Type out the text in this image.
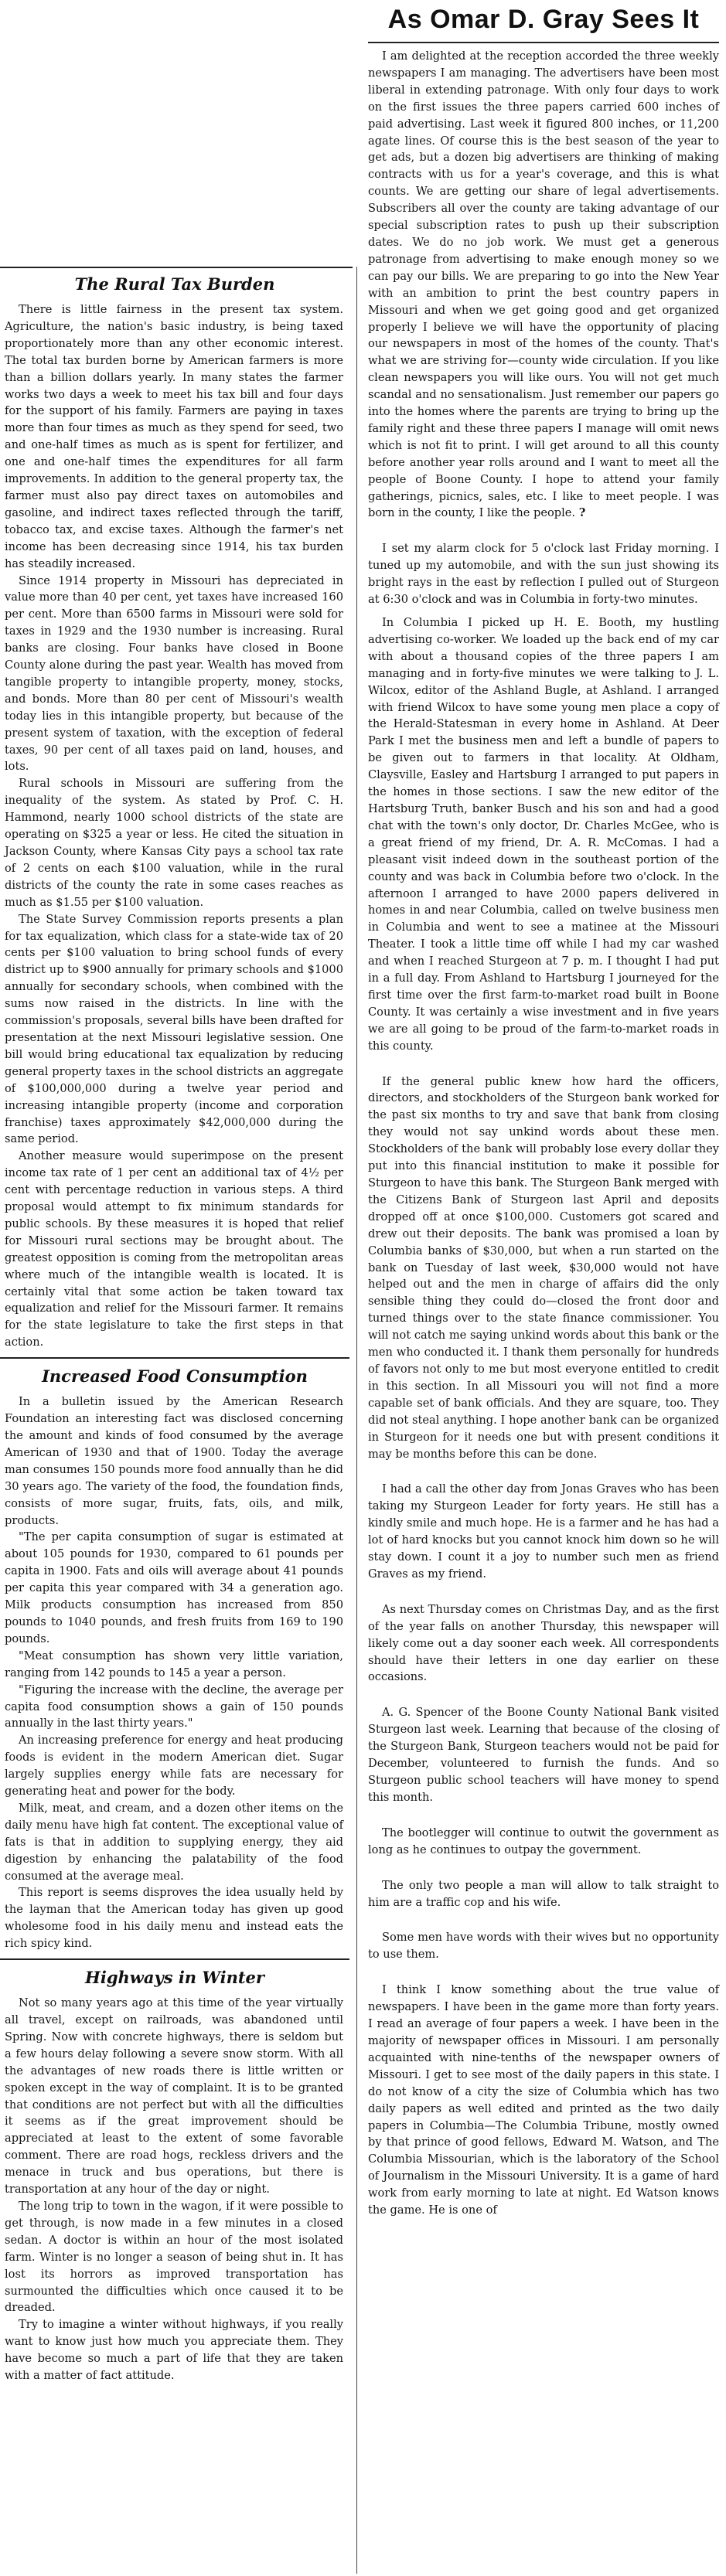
The Rural Tax Burden

There is little fairness in the present tax system. Agriculture, the nation's basic industry, is being taxed proportionately more than any other economic interest. The total tax burden borne by American farmers is more than a billion dollars yearly. In many states the farmer works two days a week to meet his tax bill and four days for the support of his family. Farmers are paying in taxes more than four times as much as they spend for seed, two and one-half times as much as is spent for fertilizer, and one and one-half times the expenditures for all farm improvements. In addition to the general property tax, the farmer must also pay direct taxes on automobiles and gasoline, and indirect taxes reflected through the tariff, tobacco tax, and excise taxes. Although the farmer's net income has been decreasing since 1914, his tax burden has steadily increased.

Since 1914 property in Missouri has depreciated in value more than 40 per cent, yet taxes have increased 160 per cent. More than 6500 farms in Missouri were sold for taxes in 1929 and the 1930 number is increasing. Rural banks are closing. Four banks have closed in Boone County alone during the past year. Wealth has moved from tangible property to intangible property, money, stocks, and bonds. More than 80 per cent of Missouri's wealth today lies in this intangible property, but because of the present system of taxation, with the exception of federal taxes, 90 per cent of all taxes paid on land, houses, and lots.

Rural schools in Missouri are suffering from the inequality of the system. As stated by Prof. C. H. Hammond, nearly 1000 school districts of the state are operating on $325 a year or less. He cited the situation in Jackson County, where Kansas City pays a school tax rate of 2 cents on each $100 valuation, while in the rural districts of the county the rate in some cases reaches as much as $1.55 per $100 valuation.

The State Survey Commission reports presents a plan for tax equalization, which class for a state-wide tax of 20 cents per $100 valuation to bring school funds of every district up to $900 annually for primary schools and $1000 annually for secondary schools, when combined with the sums now raised in the districts. In line with the commission's proposals, several bills have been drafted for presentation at the next Missouri legislative session. One bill would bring educational tax equalization by reducing general property taxes in the school districts an aggregate of $100,000,000 during a twelve year period and increasing intangible property (income and corporation franchise) taxes approximately $42,000,000 during the same period.

Another measure would superimpose on the present income tax rate of 1 per cent an additional tax of 4½ per cent with percentage reduction in various steps. A third proposal would attempt to fix minimum standards for public schools. By these measures it is hoped that relief for Missouri rural sections may be brought about. The greatest opposition is coming from the metropolitan areas where much of the intangible wealth is located. It is certainly vital that some action be taken toward tax equalization and relief for the Missouri farmer. It remains for the state legislature to take the first steps in that action.

Increased Food Consumption

In a bulletin issued by the American Research Foundation an interesting fact was disclosed concerning the amount and kinds of food consumed by the average American of 1930 and that of 1900. Today the average man consumes 150 pounds more food annually than he did 30 years ago. The variety of the food, the foundation finds, consists of more sugar, fruits, fats, oils, and milk, products.

"The per capita consumption of sugar is estimated at about 105 pounds for 1930, compared to 61 pounds per capita in 1900. Fats and oils will average about 41 pounds per capita this year compared with 34 a generation ago. Milk products consumption has increased from 850 pounds to 1040 pounds, and fresh fruits from 169 to 190 pounds.

"Meat consumption has shown very little variation, ranging from 142 pounds to 145 a year a person.

"Figuring the increase with the decline, the average per capita food consumption shows a gain of 150 pounds annually in the last thirty years."

An increasing preference for energy and heat producing foods is evident in the modern American diet. Sugar largely supplies energy while fats are necessary for generating heat and power for the body.

Milk, meat, and cream, and a dozen other items on the daily menu have high fat content. The exceptional value of fats is that in addition to supplying energy, they aid digestion by enhancing the palatability of the food consumed at the average meal.

This report is seems disproves the idea usually held by the layman that the American today has given up good wholesome food in his daily menu and instead eats the rich spicy kind.

Highways in Winter

Not so many years ago at this time of the year virtually all travel, except on railroads, was abandoned until Spring. Now with concrete highways, there is seldom but a few hours delay following a severe snow storm. With all the advantages of new roads there is little written or spoken except in the way of complaint. It is to be granted that conditions are not perfect but with all the difficulties it seems as if the great improvement should be appreciated at least to the extent of some favorable comment. There are road hogs, reckless drivers and the menace in truck and bus operations, but there is transportation at any hour of the day or night.

The long trip to town in the wagon, if it were possible to get through, is now made in a few minutes in a closed sedan. A doctor is within an hour of the most isolated farm. Winter is no longer a season of being shut in. It has lost its horrors as improved transportation has surmounted the difficulties which once caused it to be dreaded.

Try to imagine a winter without highways, if you really want to know just how much you appreciate them. They have become so much a part of life that they are taken with a matter of fact attitude.

As Omar D. Gray Sees It

I am delighted at the reception accorded the three weekly newspapers I am managing. The advertisers have been most liberal in extending patronage. With only four days to work on the first issues the three papers carried 600 inches of paid advertising. Last week it figured 800 inches, or 11,200 agate lines. Of course this is the best season of the year to get ads, but a dozen big advertisers are thinking of making contracts with us for a year's coverage, and this is what counts. We are getting our share of legal advertisements. Subscribers all over the county are taking advantage of our special subscription rates to push up their subscription dates. We do no job work. We must get a generous patronage from advertising to make enough money so we can pay our bills. We are preparing to go into the New Year with an ambition to print the best country papers in Missouri and when we get going good and get organized properly I believe we will have the opportunity of placing our newspapers in most of the homes of the county. That's what we are striving for—county wide circulation. If you like clean newspapers you will like ours. You will not get much scandal and no sensationalism. Just remember our papers go into the homes where the parents are trying to bring up the family right and these three papers I manage will omit news which is not fit to print. I will get around to all this county before another year rolls around and I want to meet all the people of Boone County. I hope to attend your family gatherings, picnics, sales, etc. I like to meet people. I was born in the county, I like the people. ?

I set my alarm clock for 5 o'clock last Friday morning. I tuned up my automobile, and with the sun just showing its bright rays in the east by reflection I pulled out of Sturgeon at 6:30 o'clock and was in Columbia in forty-two minutes.

In Columbia I picked up H. E. Booth, my hustling advertising co-worker. We loaded up the back end of my car with about a thousand copies of the three papers I am managing and in forty-five minutes we were talking to J. L. Wilcox, editor of the Ashland Bugle, at Ashland. I arranged with friend Wilcox to have some young men place a copy of the Herald-Statesman in every home in Ashland. At Deer Park I met the business men and left a bundle of papers to be given out to farmers in that locality. At Oldham, Claysville, Easley and Hartsburg I arranged to put papers in the homes in those sections. I saw the new editor of the Hartsburg Truth, banker Busch and his son and had a good chat with the town's only doctor, Dr. Charles McGee, who is a great friend of my friend, Dr. A. R. McComas. I had a pleasant visit indeed down in the southeast portion of the county and was back in Columbia before two o'clock. In the afternoon I arranged to have 2000 papers delivered in homes in and near Columbia, called on twelve business men in Columbia and went to see a matinee at the Missouri Theater. I took a little time off while I had my car washed and when I reached Sturgeon at 7 p. m. I thought I had put in a full day. From Ashland to Hartsburg I journeyed for the first time over the first farm-to-market road built in Boone County. It was certainly a wise investment and in five years we are all going to be proud of the farm-to-market roads in this county.

If the general public knew how hard the officers, directors, and stockholders of the Sturgeon bank worked for the past six months to try and save that bank from closing they would not say unkind words about these men. Stockholders of the bank will probably lose every dollar they put into this financial institution to make it possible for Sturgeon to have this bank. The Sturgeon Bank merged with the Citizens Bank of Sturgeon last April and deposits dropped off at once $100,000. Customers got scared and drew out their deposits. The bank was promised a loan by Columbia banks of $30,000, but when a run started on the bank on Tuesday of last week, $30,000 would not have helped out and the men in charge of affairs did the only sensible thing they could do—closed the front door and turned things over to the state finance commissioner. You will not catch me saying unkind words about this bank or the men who conducted it. I thank them personally for hundreds of favors not only to me but most everyone entitled to credit in this section. In all Missouri you will not find a more capable set of bank officials. And they are square, too. They did not steal anything. I hope another bank can be organized in Sturgeon for it needs one but with present conditions it may be months before this can be done.

I had a call the other day from Jonas Graves who has been taking my Sturgeon Leader for forty years. He still has a kindly smile and much hope. He is a farmer and he has had a lot of hard knocks but you cannot knock him down so he will stay down. I count it a joy to number such men as friend Graves as my friend.

As next Thursday comes on Christmas Day, and as the first of the year falls on another Thursday, this newspaper will likely come out a day sooner each week. All correspondents should have their letters in one day earlier on these occasions.

A. G. Spencer of the Boone County National Bank visited Sturgeon last week. Learning that because of the closing of the Sturgeon Bank, Sturgeon teachers would not be paid for December, volunteered to furnish the funds. And so Sturgeon public school teachers will have money to spend this month.

The bootlegger will continue to outwit the government as long as he continues to outpay the government.

The only two people a man will allow to talk straight to him are a traffic cop and his wife.

Some men have words with their wives but no opportunity to use them.

I think I know something about the true value of newspapers. I have been in the game more than forty years. I read an average of four papers a week. I have been in the majority of newspaper offices in Missouri. I am personally acquainted with nine-tenths of the newspaper owners of Missouri. I get to see most of the daily papers in this state. I do not know of a city the size of Columbia which has two daily papers as well edited and printed as the two daily papers in Columbia—The Columbia Tribune, mostly owned by that prince of good fellows, Edward M. Watson, and The Columbia Missourian, which is the laboratory of the School of Journalism in the Missouri University. It is a game of hard work from early morning to late at night. Ed Watson knows the game. He is one of
